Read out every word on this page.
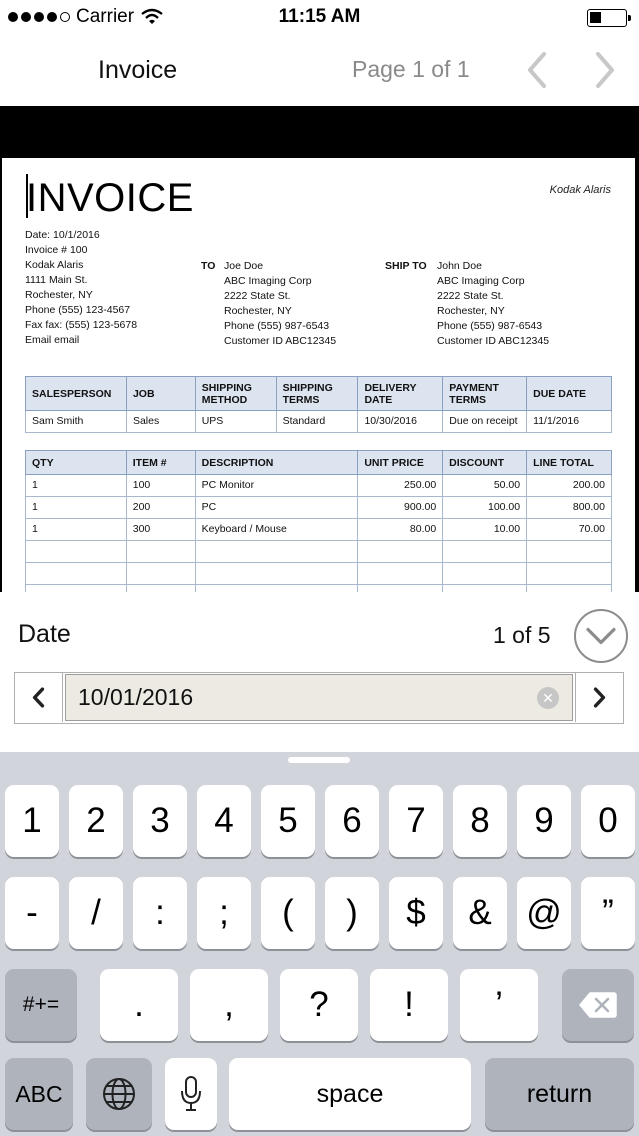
Carrier	11:15 AM
Invoice	Page 1 of 1
INVOICE	Kodak Alaris
Date: 10/1/2016
Invoice # 100
Kodak Alaris
1111 Main St.
Rochester, NY
Phone (555) 123-4567
Fax fax: (555) 123-5678
Email email
TO Joe Doe
ABC Imaging Corp
2222 State St.
Rochester, NY
Phone (555) 987-6543
Customer ID ABC12345
SHIP TO John Doe
ABC Imaging Corp
2222 State St.
Rochester, NY
Phone (555) 987-6543
Customer ID ABC12345
SALESPERSON	JOB	SHIPPING METHOD	SHIPPING TERMS	DELIVERY DATE	PAYMENT TERMS	DUE DATE
Sam Smith	Sales	UPS	Standard	10/30/2016	Due on receipt	11/1/2016
QTY	ITEM #	DESCRIPTION	UNIT PRICE	DISCOUNT	LINE TOTAL
1	100	PC Monitor	250.00	50.00	200.00
1	200	PC	900.00	100.00	800.00
1	300	Keyboard / Mouse	80.00	10.00	70.00

Date	1 of 5
10/01/2016
✕
1	2	3	4	5	6	7	8	9	0
-	/	:	;	(	)	$	& @	”
#+=	.	,	?	!	’
ABC	space	return
